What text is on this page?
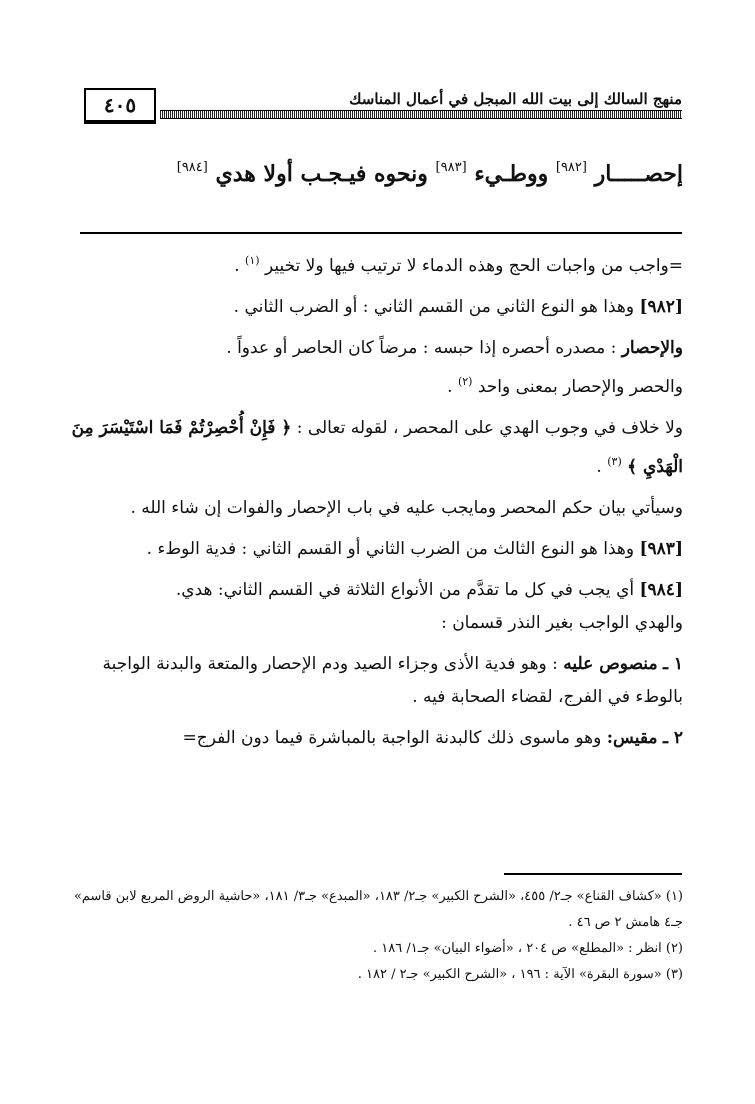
منهج السالك إلى بيت الله المبجل في أعمال المناسك
٤٠٥
إحصـــــار [٩٨٢] ووطـيء [٩٨٣] ونحوه فيـجـب أولا هدي [٩٨٤]

=واجب من واجبات الحج وهذه الدماء لا ترتيب فيها ولا تخيير $^{(١)}$ .

[٩٨٢] وهذا هو النوع الثاني من القسم الثاني : أو الضرب الثاني .

والإحصار : مصدره أحصره إذا حبسه : مرضاً كان الحاصر أو عدواً .
والحصر والإحصار بمعنى واحد $^{(٢)}$ .

ولا خلاف في وجوب الهدي على المحصر ، لقوله تعالى : ﴿ فَإِنْ أُحْصِرْتُمْ فَمَا اسْتَيْسَرَ مِنَ الْهَدْيِ ﴾ $^{(٣)}$ .

وسيأتي بيان حكم المحصر ومايجب عليه في باب الإحصار والفوات إن شاء الله .

[٩٨٣] وهذا هو النوع الثالث من الضرب الثاني أو القسم الثاني : فدية الوطء .

[٩٨٤] أي يجب في كل ما تقدَّم من الأنواع الثلاثة في القسم الثاني: هدي.
والهدي الواجب بغير النذر قسمان :

١ ـ منصوص عليه : وهو فدية الأذى وجزاء الصيد ودم الإحصار والمتعة والبدنة الواجبة بالوطء في الفرج، لقضاء الصحابة فيه .

٢ ـ مقيس: وهو ماسوى ذلك كالبدنة الواجبة بالمباشرة فيما دون الفرج=

(١) «كشاف القناع» جـ٢/ ٤٥٥، «الشرح الكبير» جـ٢/ ١٨٣، «المبدع» جـ٣/ ١٨١، «حاشية الروض المربع لابن قاسم» جـ٤ هامش ٢ ص ٤٦ .

(٢) انظر : «المطلع» ص ٢٠٤ ، «أضواء البيان» جـ١/ ١٨٦ .

(٣) «سورة البقرة» الآية : ١٩٦ ، «الشرح الكبير» جـ٢ / ١٨٢ .
